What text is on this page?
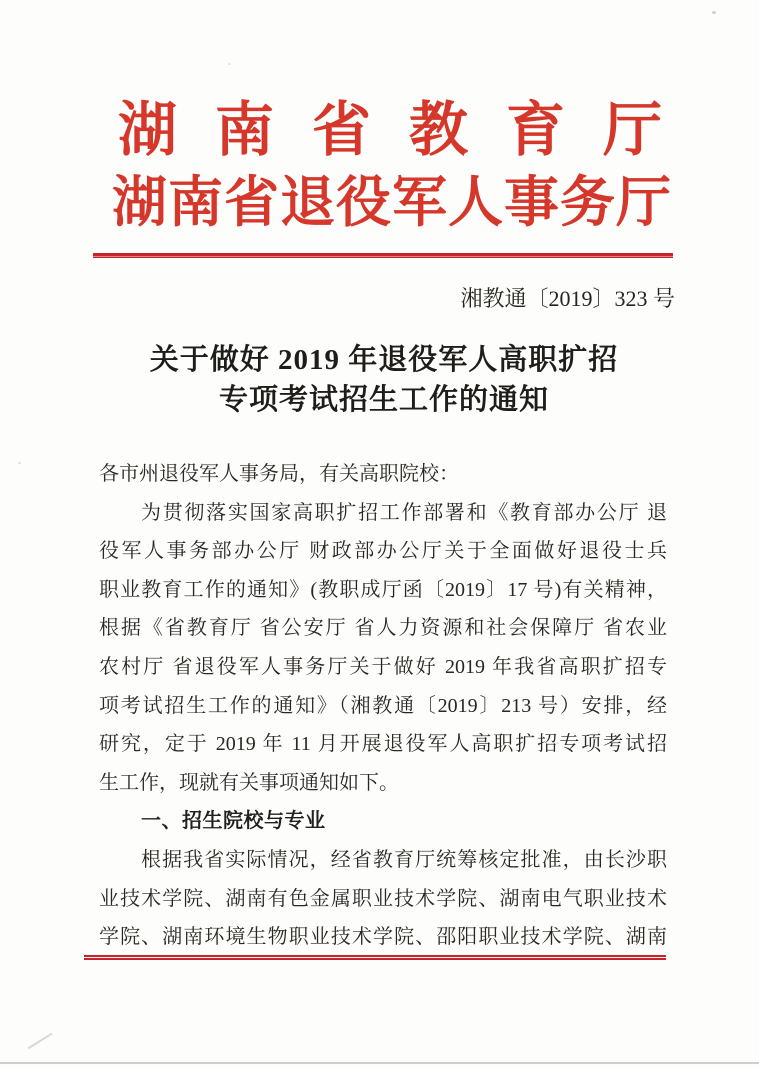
湖南省教育厅
湖南省退役军人事务厅
湘教通〔2019〕323 号
关于做好 2019 年退役军人高职扩招
专项考试招生工作的通知
各市州退役军人事务局，有关高职院校：
为贯彻落实国家高职扩招工作部署和《教育部办公厅 退
役军人事务部办公厅 财政部办公厅关于全面做好退役士兵
职业教育工作的通知》(教职成厅函〔2019〕17 号)有关精神，
根据《省教育厅 省公安厅 省人力资源和社会保障厅 省农业
农村厅 省退役军人事务厅关于做好 2019 年我省高职扩招专
项考试招生工作的通知》（湘教通〔2019〕213 号）安排，经
研究，定于 2019 年 11 月开展退役军人高职扩招专项考试招
生工作，现就有关事项通知如下。
一、招生院校与专业
根据我省实际情况，经省教育厅统筹核定批准，由长沙职
业技术学院、湖南有色金属职业技术学院、湖南电气职业技术
学院、湖南环境生物职业技术学院、邵阳职业技术学院、湖南
